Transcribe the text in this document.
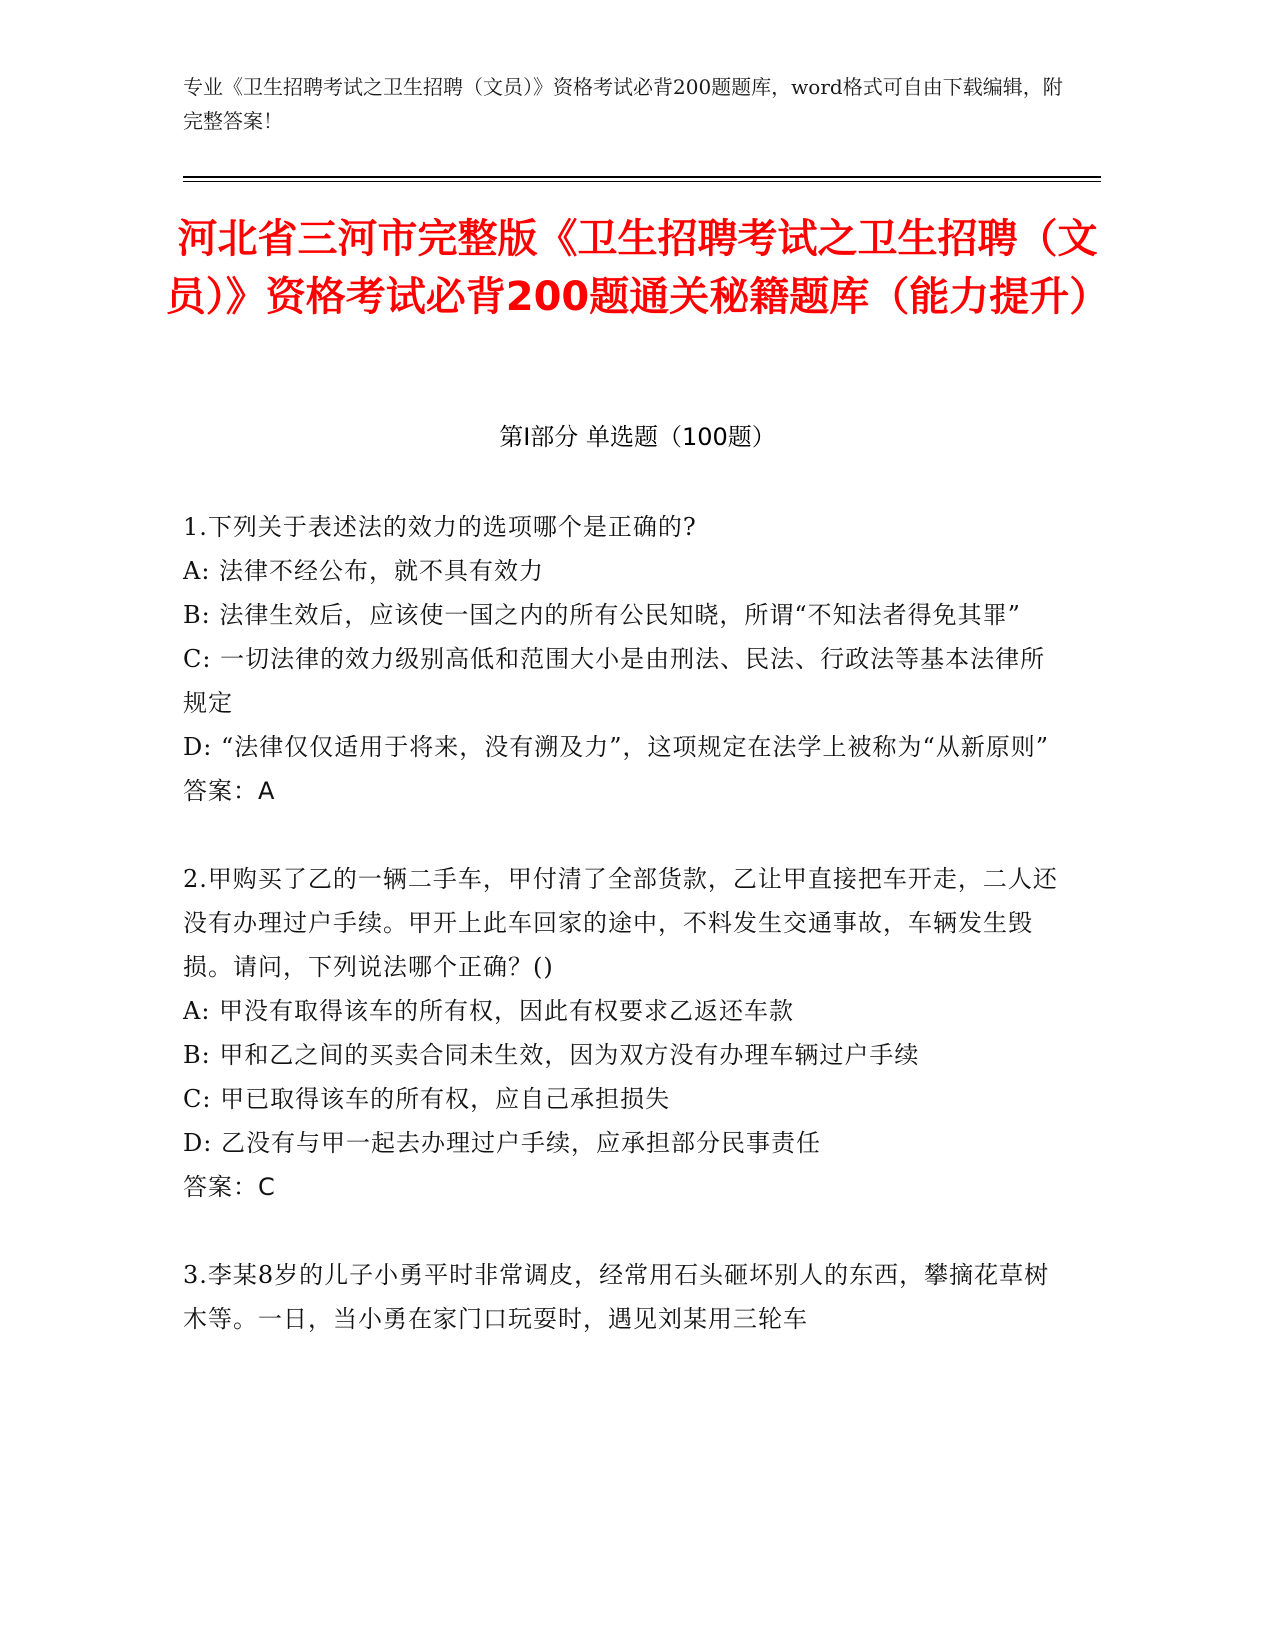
专业《卫生招聘考试之卫生招聘（文员）》资格考试必背200题题库，word格式可自由下载编辑，附完整答案！
河北省三河市完整版《卫生招聘考试之卫生招聘（文员）》资格考试必背200题通关秘籍题库（能力提升）
第Ⅰ部分 单选题（100题）

1.下列关于表述法的效力的选项哪个是正确的?

A: 法律不经公布，就不具有效力

B: 法律生效后，应该使一国之内的所有公民知晓，所谓“不知法者得免其罪”

C: 一切法律的效力级别高低和范围大小是由刑法、民法、行政法等基本法律所规定

D: “法律仅仅适用于将来，没有溯及力”，这项规定在法学上被称为“从新原则”

答案：A

2.甲购买了乙的一辆二手车，甲付清了全部货款，乙让甲直接把车开走，二人还没有办理过户手续。甲开上此车回家的途中，不料发生交通事故，车辆发生毁损。请问，下列说法哪个正确？()

A: 甲没有取得该车的所有权，因此有权要求乙返还车款

B: 甲和乙之间的买卖合同未生效，因为双方没有办理车辆过户手续

C: 甲已取得该车的所有权，应自己承担损失

D: 乙没有与甲一起去办理过户手续，应承担部分民事责任

答案：C

3.李某8岁的儿子小勇平时非常调皮，经常用石头砸坏别人的东西，攀摘花草树木等。一日，当小勇在家门口玩耍时，遇见刘某用三轮车
